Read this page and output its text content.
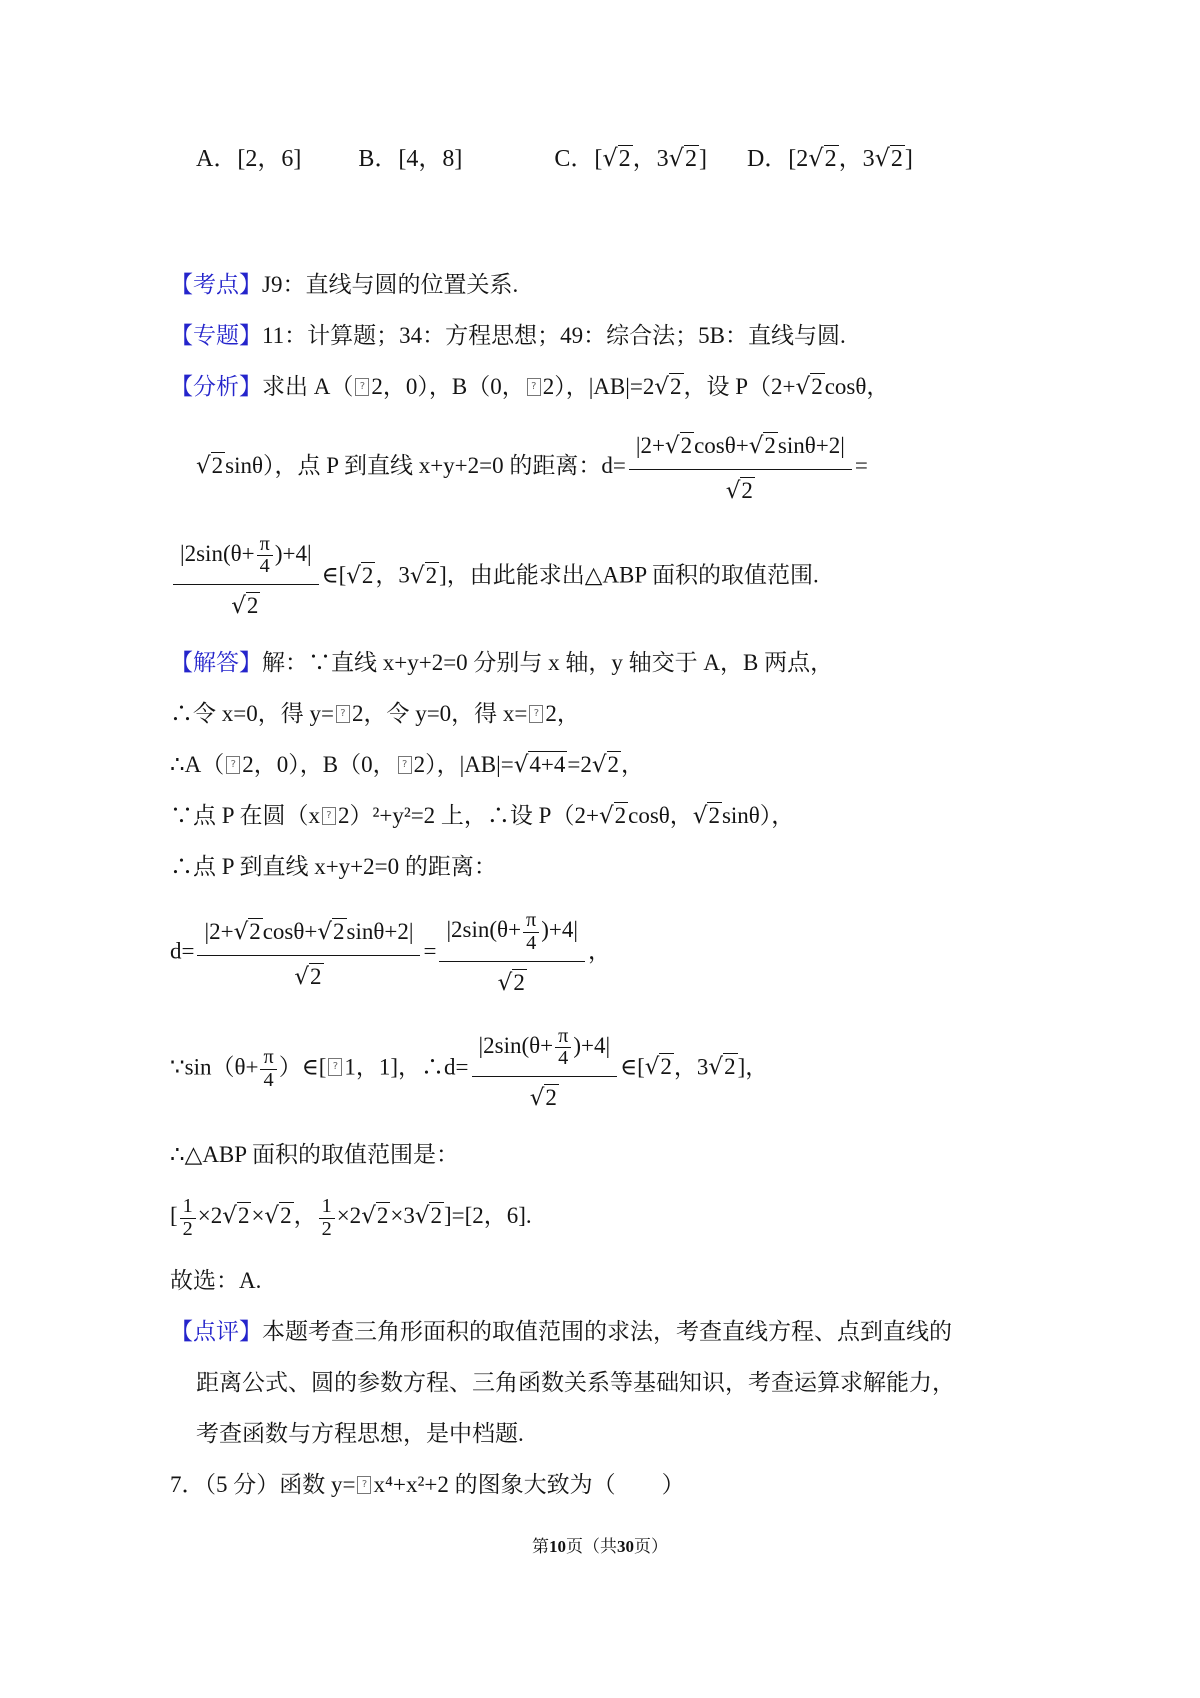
A．[2，6] B．[4，8]	C．[ √ 2，3 √ 2] D．[2 √ 2，3 √ 2]

【考点】J9：直线与圆的位置关系.

【专题】11：计算题；34：方程思想；49：综合法；5B：直线与圆.

【分析】求出 A（ ? 2，0），B（0， ? 2），|AB|=2 √ 2，设 P（2+ √ 2cosθ，

√ 2sinθ），点 P 到直线 x+y+2=0 的距离：d= |2+ √ 2cosθ+ √ 2sinθ+2|
√ 2 =

$|2\sin(\theta+ \frac{\pi}{4} )+4|$
√ 2 ∈[ √ 2，3 √ 2]，由此能求出△ABP 面积的取值范围.

【解答】解：∵直线 x+y+2=0 分别与 x 轴，y 轴交于 A，B 两点，

∴令 x=0，得 y= ? 2，令 y=0，得 x= ? 2，

∴A（ ? 2，0），B（0， ? 2），|AB|= √ 4+4=2 √ 2，

∵点 P 在圆（x ? 2）²+y²=2 上，∴设 P（2+ √ 2cosθ， √ 2sinθ），

∴点 P 到直线 x+y+2=0 的距离：

d= |2+ √ 2cosθ+ √ 2sinθ+2|
√ $2 = |2\sin(\theta+ \frac{\pi}{4} )+4|$
√ 2 ，

∵sin（θ+ $\frac{\pi}{4}$ ）∈[ ? 1，1]，∴d= $|2\sin(\theta+ \frac{\pi}{4} )+4|$
√ 2 ∈[ √ 2，3 √ 2]，

∴△ABP 面积的取值范围是：

[ $\frac{1}{2} \times 2$ √ 2× √ 2， $\frac{1}{2} \times 2$ √ 2×3 √ 2]=[2，6].

故选：A.

【点评】本题考查三角形面积的取值范围的求法，考查直线方程、点到直线的

距离公式、圆的参数方程、三角函数关系等基础知识，考查运算求解能力，

考查函数与方程思想，是中档题.

7．（5 分）函数 y= ? x⁴+x²+2 的图象大致为（　　）

第10页（共30页）
